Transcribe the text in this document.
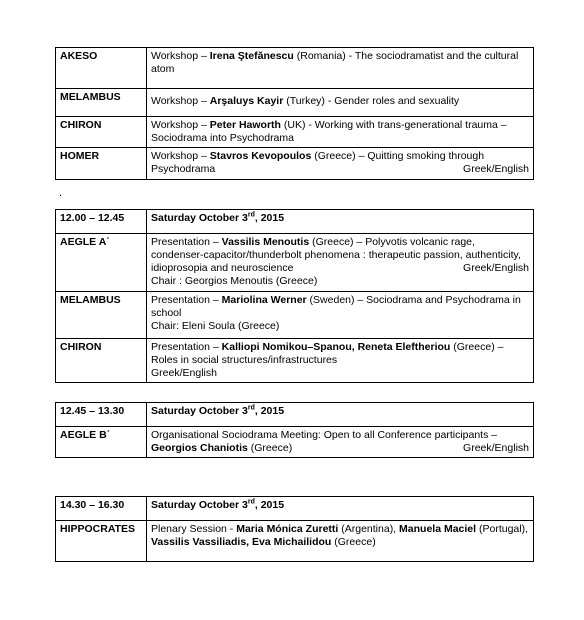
AKESO	Workshop – Irena Ştefănescu (Romania) - The sociodramatist and the cultural atom
MELAMBUS	Workshop – Arşaluys Kayir (Turkey) - Gender roles and sexuality
CHIRON	Workshop – Peter Haworth (UK) - Working with trans-generational trauma – Sociodrama into Psychodrama
HOMER	Workshop – Stavros Kevopoulos (Greece) – Quitting smoking through Psychodrama Greek/English
.
12.00 – 12.45	Saturday October 3rd, 2015
AEGLE A΄	Presentation – Vassilis Menoutis (Greece) – Polyvotis volcanic rage, condenser-capacitor/thunderbolt phenomena : therapeutic passion, authenticity, idioprosopia and neuroscience Greek/English
Chair : Georgios Menoutis (Greece)

MELAMBUS	Presentation – Mariolina Werner (Sweden) – Sociodrama and Psychodrama in school
Chair: Eleni Soula (Greece)

CHIRON	Presentation – Kalliopi Nomikou–Spanou, Reneta Eleftheriou (Greece) – Roles in social structures/infrastructures
Greek/English
12.45 – 13.30	Saturday October 3rd, 2015
AEGLE B΄	Organisational Sociodrama Meeting: Open to all Conference participants –
Georgios Chaniotis (Greece) Greek/English
14.30 – 16.30	Saturday October 3rd, 2015
HIPPOCRATES	Plenary Session - Maria Mónica Zuretti (Argentina), Manuela Maciel (Portugal), Vassilis Vassiliadis, Eva Michailidou (Greece)
